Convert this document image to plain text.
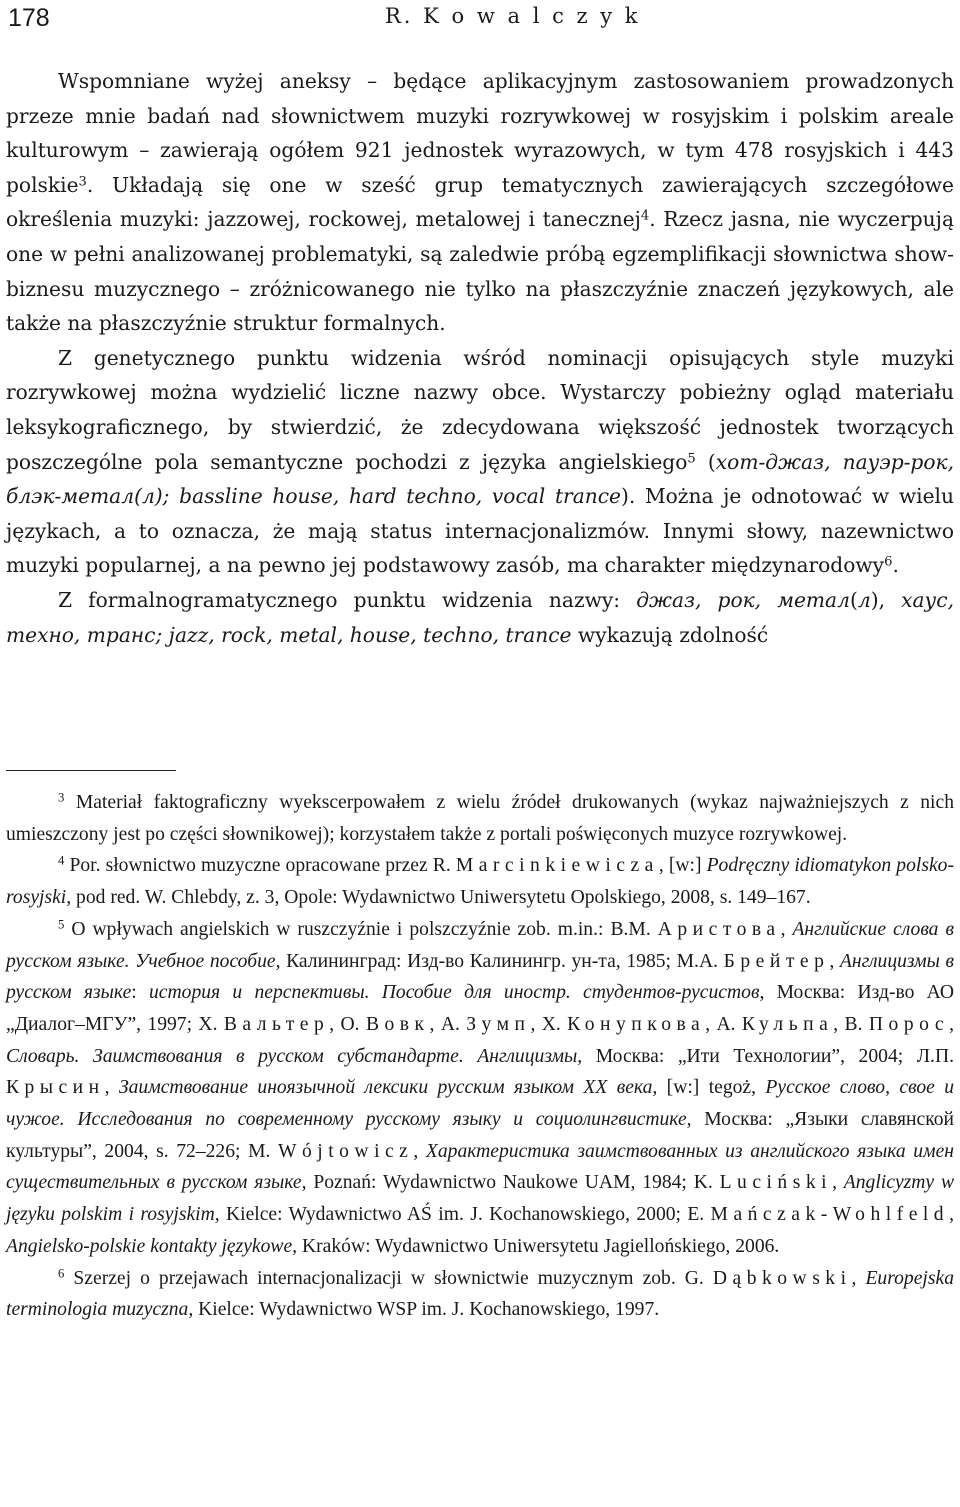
178	R. K o w a l c z y k

Wspomniane wyżej aneksy – będące aplikacyjnym zastosowaniem prowadzonych przeze mnie badań nad słownictwem muzyki rozrywkowej w rosyjskim i polskim areale kulturowym – zawierają ogółem 921 jednostek wyrazowych, w tym 478 rosyjskich i 443 polskie$^3$. Układają się one w sześć grup tematycznych zawierających szczegółowe określenia muzyki: jazzowej, rockowej, metalowej i tanecznej$^4$. Rzecz jasna, nie wyczerpują one w pełni analizowanej problematyki, są zaledwie próbą egzemplifikacji słownictwa show-biznesu muzycznego – zróżnicowanego nie tylko na płaszczyźnie znaczeń językowych, ale także na płaszczyźnie struktur formalnych.

Z genetycznego punktu widzenia wśród nominacji opisujących style muzyki rozrywkowej można wydzielić liczne nazwy obce. Wystarczy pobieżny ogląd materiału leksykograficznego, by stwierdzić, że zdecydowana większość jednostek tworzących poszczególne pola semantyczne pochodzi z języka angielskiego$^5$ (хот-джаз, пауэр-рок, блэк-метал(л); bassline house, hard techno, vocal trance). Można je odnotować w wielu językach, a to oznacza, że mają status internacjonalizmów. Innymi słowy, nazewnictwo muzyki popularnej, a na pewno jej podstawowy zasób, ma charakter międzynarodowy$^6$.

Z formalnogramatycznego punktu widzenia nazwy: джаз, рок, метал(л), хаус, техно, транс; jazz, rock, metal, house, techno, trance wykazują zdolność

$^3$ Materiał faktograficzny wyekscerpowałem z wielu źródeł drukowanych (wykaz najważniejszych z nich umieszczony jest po części słownikowej); korzystałem także z portali poświęconych muzyce rozrywkowej.

$^4$ Por. słownictwo muzyczne opracowane przez R. Marcinkiewicza, [w:] Podręczny idiomatykon polsko-rosyjski, pod red. W. Chlebdy, z. 3, Opole: Wydawnictwo Uniwersytetu Opolskiego, 2008, s. 149–167.

$^5$ O wpływach angielskich w ruszczyźnie i polszczyźnie zob. m.in.: В.М. Аристова, Английские слова в русском языке. Учебное пособие, Калининград: Изд-во Калинингр. ун-та, 1985; М.А. Брейтер, Англицизмы в русском языке: история и перспективы. Пособие для иностр. студентов-русистов, Москва: Изд-во АО „Диалог–МГУ”, 1997; Х. Вальтер, О. Вовк, А. Зумп, Х. Конупкова, А. Кульпа, В. Порос, Словарь. Заимствования в русском субстандарте. Англицизмы, Москва: „Ити Технологии”, 2004; Л.П. Крысин, Заимствование иноязычной лексики русским языком XX века, [w:] tegoż, Русское слово, свое и чужое. Исследования по современному русскому языку и социолингвистике, Москва: „Языки славянской культуры”, 2004, s. 72–226; M. Wójtowicz, Характеристика заимствованных из английского языка имен существительных в русском языке, Poznań: Wydawnictwo Naukowe UAM, 1984; K. Luciński, Anglicyzmy w języku polskim i rosyjskim, Kielce: Wydawnictwo AŚ im. J. Kochanowskiego, 2000; E. Mańczak-Wohlfeld, Angielsko-polskie kontakty językowe, Kraków: Wydawnictwo Uniwersytetu Jagiellońskiego, 2006.

$^6$ Szerzej o przejawach internacjonalizacji w słownictwie muzycznym zob. G. Dąbkowski, Europejska terminologia muzyczna, Kielce: Wydawnictwo WSP im. J. Kochanowskiego, 1997.
